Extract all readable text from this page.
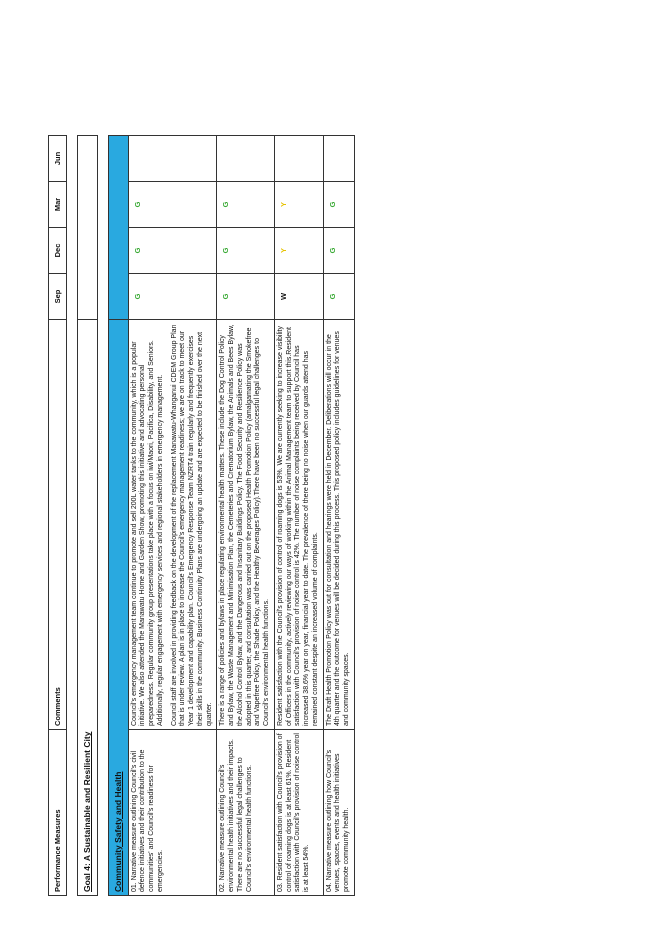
Performance Measures	Comments	Sep	Dec	Mar	Jun

Goal 4: A Sustainable and Resilient City					

Community Safety and Health					
01. Narrative measure outlining Council's civil defence initiatives and their contribution to the communities' and Council's readiness for emergencies.	Council's emergency management team continue to promote and sell 200L water tanks to the community, which is a popular initiative. We also attended the Manawatu Home and Garden Show, promoting this initiative and advocating personal preparedness. Regular community group presentations take place with a focus on iwi/Maori, Pacifica, Disability, and Seniors. Additionally, regular engagement with emergency services and regional stakeholders in emergency management. Council staff are involved in providing feedback on the development of the replacement Manawatu-Whanganui CDEM Group Plan that is under review. A plan is in place to increase the Council's emergency management readiness; we are on track to meet our Year 1 development and capability plan. Council's Emergency Response Team NZRT4 train regularly and frequently exercises their skills in the community. Business Continuity Plans are undergoing an update and are expected to be finished over the next quarter.	G	G	G	
02. Narrative measure outlining Council's environmental health initiatives and their impacts. There are no successful legal challenges to Council's environmental health functions.	There is a range of policies and bylaws in place regulating environmental health matters. These include the Dog Control Policy and Bylaw, the Waste Management and Minimisation Plan, the Cemeteries and Crematorium Bylaw, the Animals and Bees Bylaw, the Alcohol Control Bylaw, and the Dangerous and Insanitary Buildings Policy. The Food Security and Resilience Policy was adopted in this quarter, and consultation was carried out on the proposed Health Promotion Policy (amalgamating the Smokefree and Vapefree Policy, the Shade Policy, and the Healthy Beverages Policy).There have been no successful legal challenges to Council's environmental health functions.	G	G	G	
03. Resident satisfaction with Council's provision of control of roaming dogs is at least 61%. Resident satisfaction with Council's provision of noise control is at least 54%.	Resident satisfaction with the Council's provision of control of roaming dogs is 53%. We are currently seeking to increase visibility of Officers in the community, actively reviewing our ways of working within the Animal Management team to support this.Resident satisfaction with Council's provision of noise control is 42%. The number of noise complaints being received by Council has increased 38.6% year on year, financial year to date. The prevalence of there being no noise when our guards attend has remained constant despite an increased volume of complaints.	W	Y	Y	
04. Narrative measure outlining how Council's venues, spaces, events and health initiatives promote community health.	The Draft Health Promotion Policy was out for consultation and hearings were held in December. Deliberations will occur in the 4th quarter and the outcome for venues will be decided during this process. This proposed policy includes guidelines for venues and community spaces.	G	G	G	
